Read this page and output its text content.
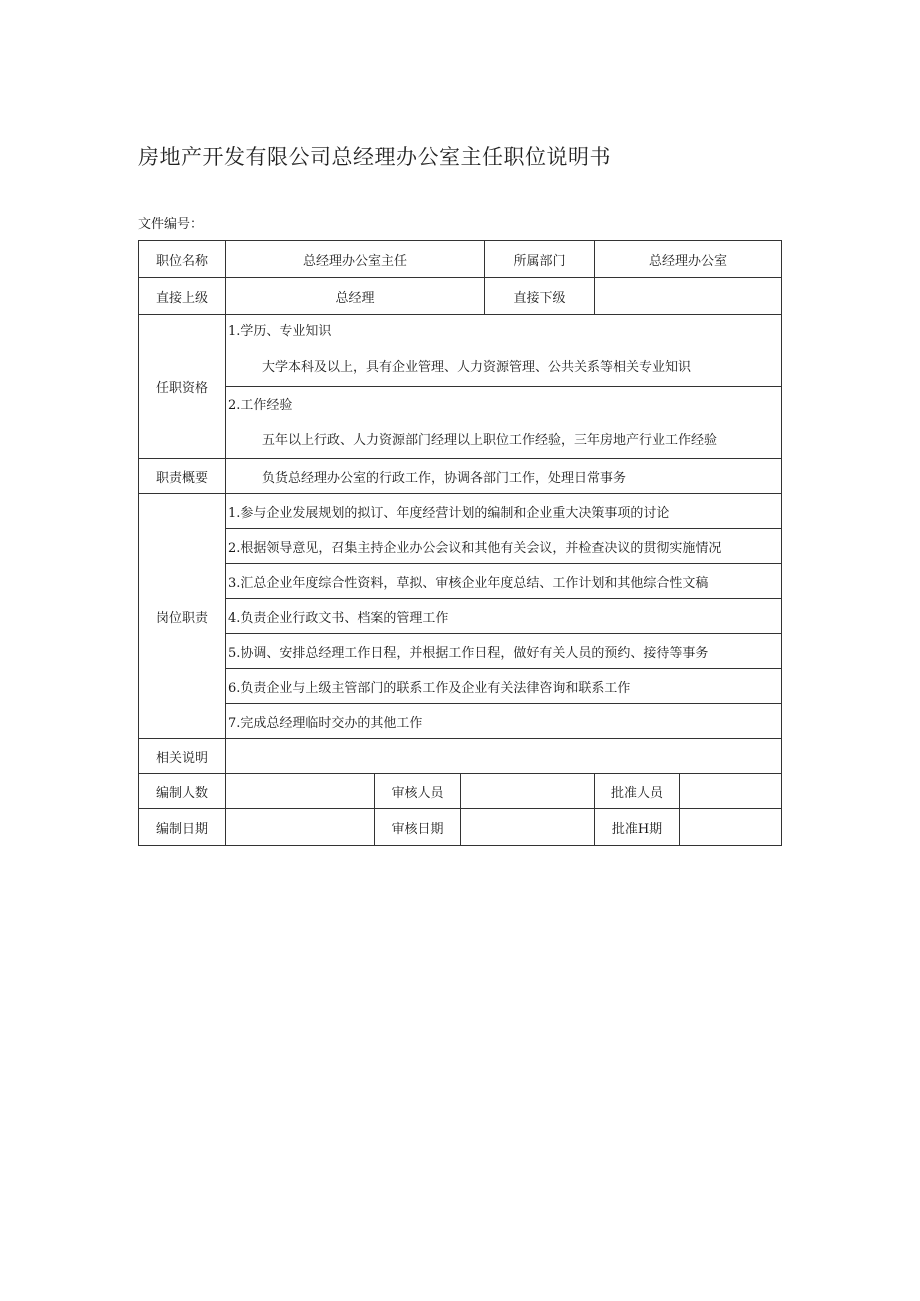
房地产开发有限公司总经理办公室主任职位说明书
文件编号：
职位名称	总经理办公室主任			所属部门	总经理办公室	
直接上级	总经理			直接下级		
任职资格	1.学历、专业知识
大学本科及以上，具有企业管理、人力资源管理、公共关系等相关专业知识					

	2.工作经验
五年以上行政、人力资源部门经理以上职位工作经验，三年房地产行业工作经验					

职责概要	负货总经理办公室的行政工作，协调各部门工作，处理日常事务					
岗位职责	1.参与企业发展规划的拟订、年度经营计划的编制和企业重大决策事项的讨论					
	2.根据领导意见，召集主持企业办公会议和其他有关会议，并检查决议的贯彻实施情况					
	3.汇总企业年度综合性资料，草拟、审核企业年度总结、工作计划和其他综合性文稿					
	4.负责企业行政文书、档案的管理工作					
	5.协调、安排总经理工作日程，并根据工作日程，做好有关人员的预约、接待等事务					
	6.负责企业与上级主管部门的联系工作及企业有关法律咨询和联系工作					
	7.完成总经理临时交办的其他工作					
相关说明						
编制人数		审核人员			批准人员	
编制日期		审核日期			批准H期	
